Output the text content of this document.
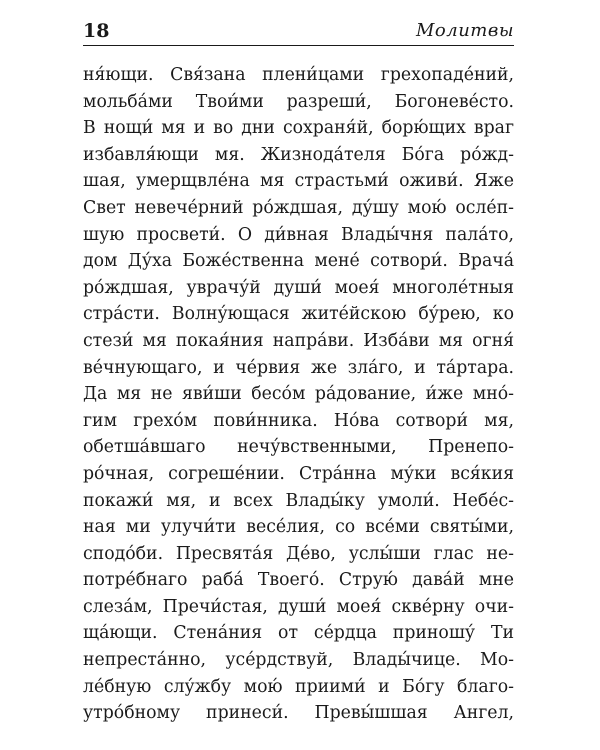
18	Молитвы
ня́ющи. Свя́зана плени́цами грехопаде́ний,
мольба́ми Твои́ми разреши́, Богоневе́сто.
В нощи́ мя и во дни сохраня́й, борю́щих враг
избавля́ющи мя. Жизнода́теля Бо́га ро́жд-
шая, умерщвле́на мя страстьми́ оживи́. Яже
Свет невече́рний ро́ждшая, ду́шу мою́ осле́п-
шую просвети́. О ди́вная Влады́чня пала́то,
дом Ду́ха Боже́ственна мене́ сотвори́. Врача́
ро́ждшая, уврачу́й души́ моея́ многоле́тныя
стра́сти. Волну́ющася жите́йскою бу́рею, ко
стези́ мя покая́ния напра́ви. Изба́ви мя огня́
ве́чнующаго, и че́рвия же зла́го, и та́ртара.
Да мя не яви́ши бесо́м ра́дование, и́же мно́-
гим грехо́м пови́нника. Но́ва сотвори́ мя,
обетша́вшаго нечу́вственными, Пренепо-
ро́чная, согреше́нии. Стра́нна му́ки вся́кия
покажи́ мя, и всех Влады́ку умоли́. Небе́с-
ная ми улучи́ти весе́лия, со все́ми святы́ми,
сподо́би. Пресвята́я Де́во, услы́ши глас не-
потре́бнаго раба́ Твоего́. Струю́ дава́й мне
слеза́м, Пречи́стая, души́ моея́ скве́рну очи-
ща́ющи. Стена́ния от се́рдца приношу́ Ти
непреста́нно, усе́рдствуй, Влады́чице. Мо-
ле́бную слу́жбу мою́ приими́ и Бо́гу благо-
утро́бному принеси́. Превы́шшая Ангел,
